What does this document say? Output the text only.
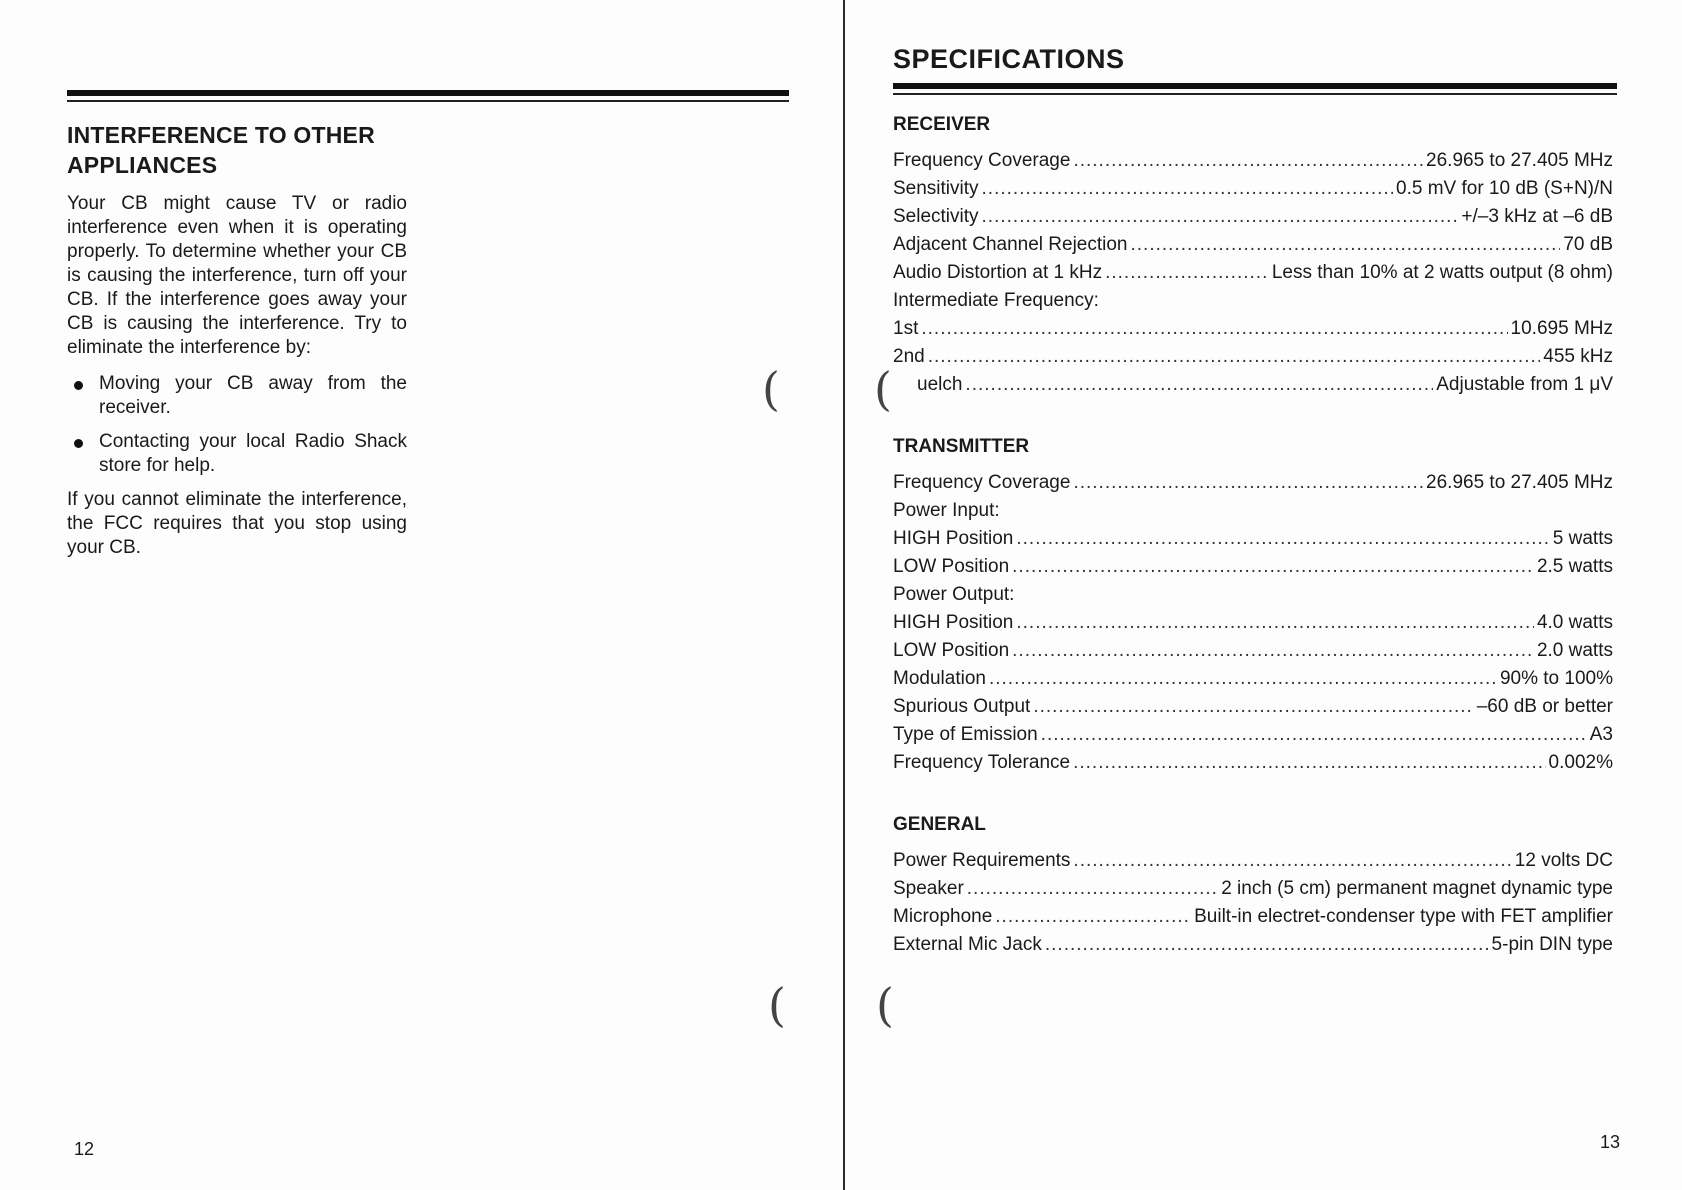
INTERFERENCE TO OTHER APPLIANCES

Your CB might cause TV or radio interference even when it is operating properly. To determine whether your CB is causing the interference, turn off your CB. If the interference goes away your CB is causing the interference. Try to eliminate the interference by:

Moving your CB away from the receiver.
Contacting your local Radio Shack store for help.

If you cannot eliminate the interference, the FCC requires that you stop using your CB.

12
(
(
SPECIFICATIONS
RECEIVER
Frequency Coverage .....	26.965 to 27.405 MHz
Sensitivity .....	0.5 mV for 10 dB (S+N)/N
Selectivity .....	+/–3 kHz at –6 dB
Adjacent Channel Rejection .....	70 dB
Audio Distortion at 1 kHz .....	Less than 10% at 2 watts output (8 ohm)
Intermediate Frequency:
1st .....	10.695 MHz
2nd .....	455 kHz
uelch .....	Adjustable from 1 μV
TRANSMITTER
Frequency Coverage .....	26.965 to 27.405 MHz
Power Input:
HIGH Position .....	5 watts
LOW Position .....	2.5 watts
Power Output:
HIGH Position .....	4.0 watts
LOW Position .....	2.0 watts
Modulation .....	90% to 100%
Spurious Output .....	–60 dB or better
Type of Emission .....	A3
Frequency Tolerance .....	0.002%
GENERAL
Power Requirements .....	12 volts DC
Speaker .....	2 inch (5 cm) permanent magnet dynamic type
Microphone .....	Built-in electret-condenser type with FET amplifier
External Mic Jack .....	5-pin DIN type
(
(
13
